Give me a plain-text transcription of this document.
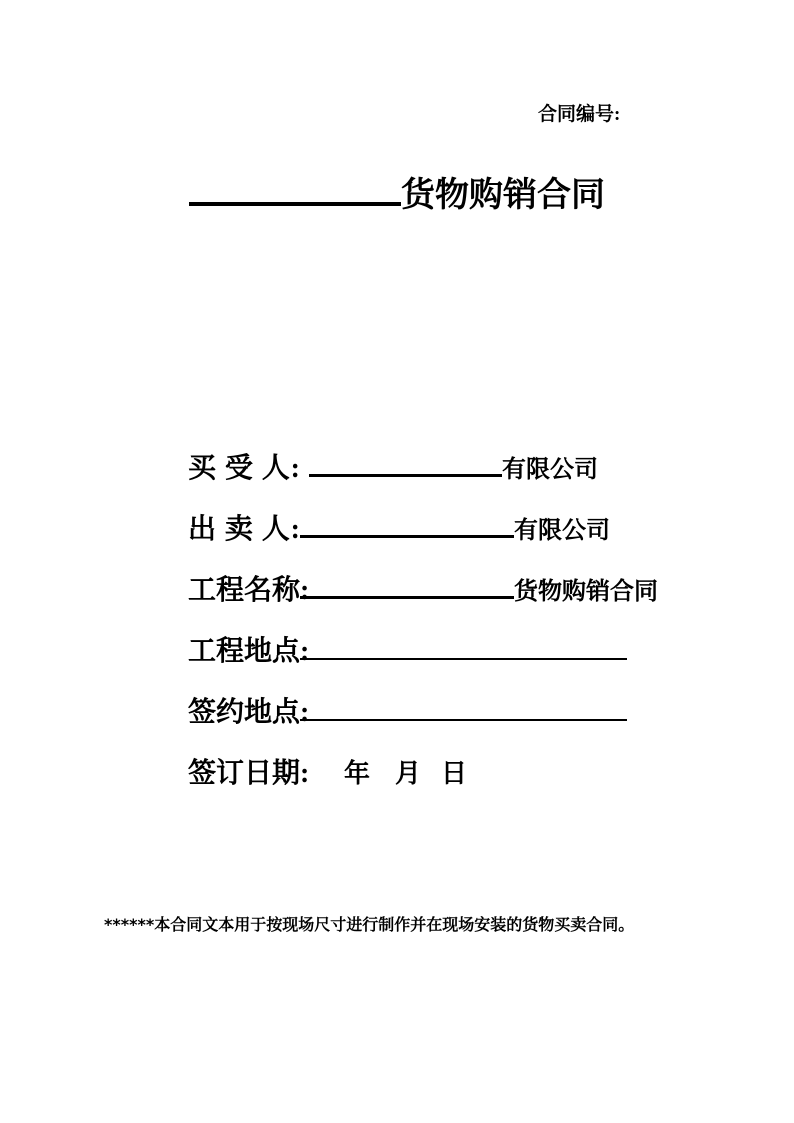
合同编号:
货物购销合同
买 受 人:	有限公司
出 卖 人:	有限公司
工程名称:	货物购销合同
工程地点:
签约地点:
签订日期: 年 月 日
******本合同文本用于按现场尺寸进行制作并在现场安装的货物买卖合同。
